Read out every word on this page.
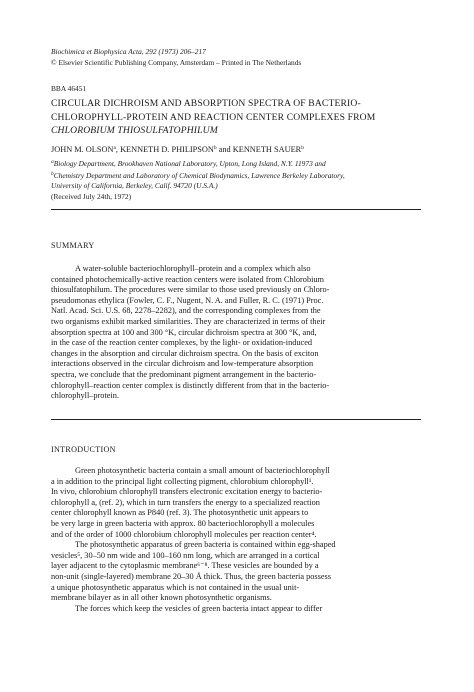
Biochimica et Biophysica Acta, 292 (1973) 206–217
© Elsevier Scientific Publishing Company, Amsterdam – Printed in The Netherlands
BBA 46451
CIRCULAR DICHROISM AND ABSORPTION SPECTRA OF BACTERIO-
CHLOROPHYLL-PROTEIN AND REACTION CENTER COMPLEXES FROM
CHLOROBIUM THIOSULFATOPHILUM
JOHN M. OLSON$^a$, KENNETH D. PHILIPSON$^b$ and KENNETH SAUER$^b$
$^a$Biology Department, Brookhaven National Laboratory, Upton, Long Island, N.Y. 11973 and
$^b$Chemistry Department and Laboratory of Chemical Biodynamics, Lawrence Berkeley Laboratory,
University of California, Berkeley, Calif. 94720 (U.S.A.)
(Received July 24th, 1972)
SUMMARY
A water-soluble bacteriochlorophyll–protein and a complex which also
contained photochemically-active reaction centers were isolated from Chlorobium
thiosulfatophilum. The procedures were similar to those used previously on Chloro-
pseudomonas ethylica (Fowler, C. F., Nugent, N. A. and Fuller, R. C. (1971) Proc.
Natl. Acad. Sci. U.S. 68, 2278–2282), and the corresponding complexes from the
two organisms exhibit marked similarities. They are characterized in terms of their
absorption spectra at 100 and 300 °K, circular dichroism spectra at 300 °K, and,
in the case of the reaction center complexes, by the light- or oxidation-induced
changes in the absorption and circular dichroism spectra. On the basis of exciton
interactions observed in the circular dichroism and low-temperature absorption
spectra, we conclude that the predominant pigment arrangement in the bacterio-
chlorophyll–reaction center complex is distinctly different from that in the bacterio-
chlorophyll–protein.
INTRODUCTION
Green photosynthetic bacteria contain a small amount of bacteriochlorophyll
a in addition to the principal light collecting pigment, chlorobium chlorophyll¹.
In vivo, chlorobium chlorophyll transfers electronic excitation energy to bacterio-
chlorophyll a, (ref. 2), which in turn transfers the energy to a specialized reaction
center chlorophyll known as P840 (ref. 3). The photosynthetic unit appears to
be very large in green bacteria with approx. 80 bacteriochlorophyll a molecules
and of the order of 1000 chlorobium chlorophyll molecules per reaction center⁴.
The photosynthetic apparatus of green bacteria is contained within egg-shaped
vesicles⁵, 30–50 nm wide and 100–160 nm long, which are arranged in a cortical
layer adjacent to the cytoplasmic membrane⁶⁻⁸. These vesicles are bounded by a
non-unit (single-layered) membrane 20–30 Å thick. Thus, the green bacteria possess
a unique photosynthetic apparatus which is not contained in the usual unit-
membrane bilayer as in all other known photosynthetic organisms.
The forces which keep the vesicles of green bacteria intact appear to differ
